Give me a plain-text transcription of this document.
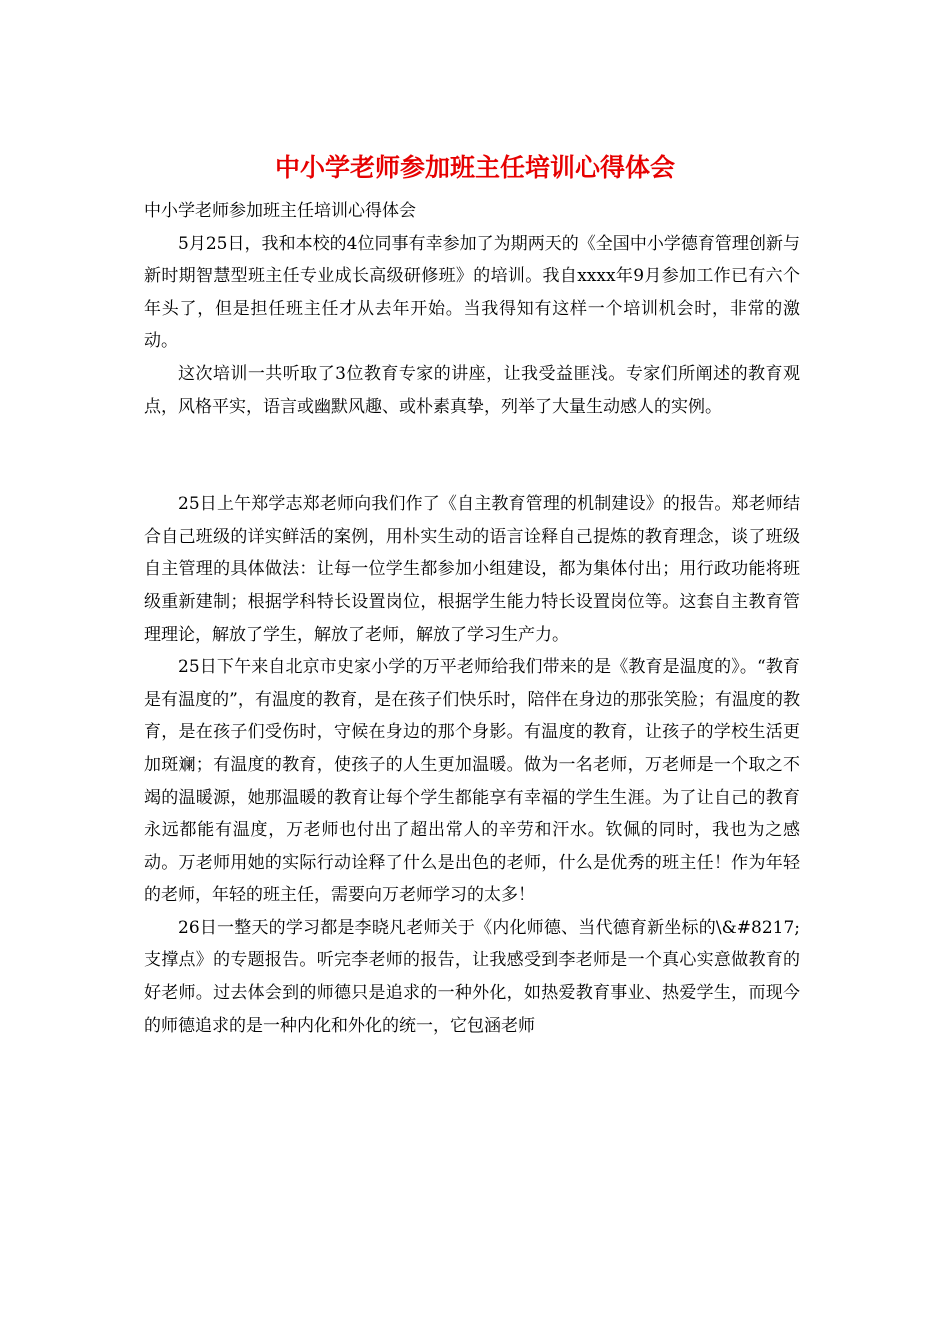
中小学老师参加班主任培训心得体会

中小学老师参加班主任培训心得体会

5月25日，我和本校的4位同事有幸参加了为期两天的《全国中小学德育管理创新与新时期智慧型班主任专业成长高级研修班》的培训。我自xxxx年9月参加工作已有六个年头了，但是担任班主任才从去年开始。当我得知有这样一个培训机会时，非常的激动。

这次培训一共听取了3位教育专家的讲座，让我受益匪浅。专家们所阐述的教育观点，风格平实，语言或幽默风趣、或朴素真挚，列举了大量生动感人的实例。

25日上午郑学志郑老师向我们作了《自主教育管理的机制建设》的报告。郑老师结合自己班级的详实鲜活的案例，用朴实生动的语言诠释自己提炼的教育理念，谈了班级自主管理的具体做法：让每一位学生都参加小组建设，都为集体付出；用行政功能将班级重新建制；根据学科特长设置岗位，根据学生能力特长设置岗位等。这套自主教育管理理论，解放了学生，解放了老师，解放了学习生产力。

25日下午来自北京市史家小学的万平老师给我们带来的是《教育是温度的》。“教育是有温度的”，有温度的教育，是在孩子们快乐时，陪伴在身边的那张笑脸；有温度的教育，是在孩子们受伤时，守候在身边的那个身影。有温度的教育，让孩子的学校生活更加斑斓；有温度的教育，使孩子的人生更加温暖。做为一名老师，万老师是一个取之不竭的温暖源，她那温暖的教育让每个学生都能享有幸福的学生生涯。为了让自己的教育永远都能有温度，万老师也付出了超出常人的辛劳和汗水。钦佩的同时，我也为之感动。万老师用她的实际行动诠释了什么是出色的老师，什么是优秀的班主任！作为年轻的老师，年轻的班主任，需要向万老师学习的太多！

26日一整天的学习都是李晓凡老师关于《内化师德、当代德育新坐标的\&#8217;支撑点》的专题报告。听完李老师的报告，让我感受到李老师是一个真心实意做教育的好老师。过去体会到的师德只是追求的一种外化，如热爱教育事业、热爱学生，而现今的师德追求的是一种内化和外化的统一，它包涵老师
